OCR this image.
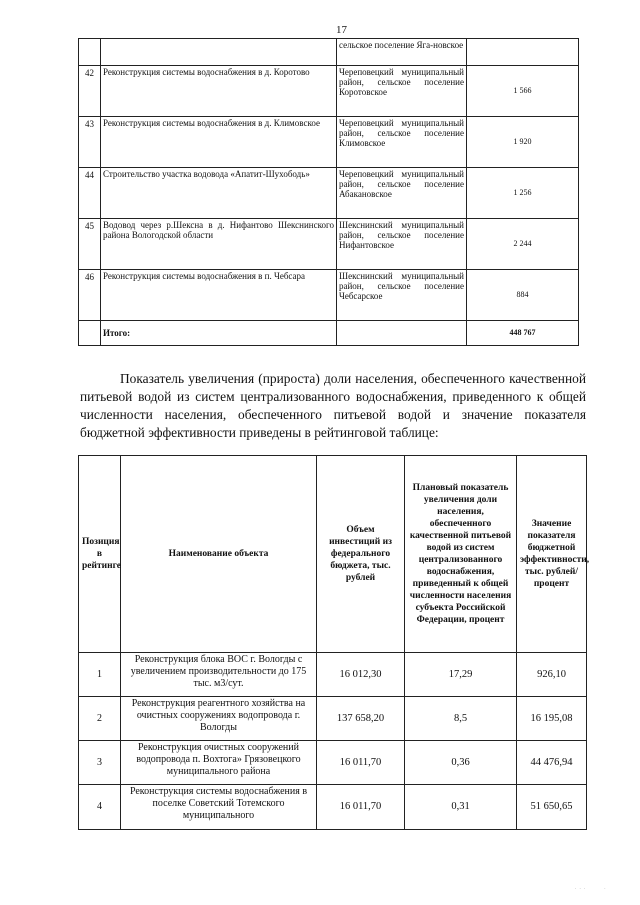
17
		сельское поселение Яга-новское	
42	Реконструкция системы водоснабжения в д. Коротово	Череповецкий муниципальный район, сельское поселение Коротовское	1 566
43	Реконструкция системы водоснабжения в д. Климовское	Череповецкий муниципальный район, сельское поселение Климовское	1 920
44	Строительство участка водовода «Апатит-Шухободь»	Череповецкий муниципальный район, сельское поселение Абакановское	1 256
45	Водовод через р.Шексна в д. Нифантово Шекснинского района Вологодской области	Шекснинский муниципальный район, сельское поселение Нифантовское	2 244
46	Реконструкция системы водоснабжения в п. Чебсара	Шекснинский муниципальный район, сельское поселение Чебсарское	884
	Итого:		448 767

Показатель увеличения (прироста) доли населения, обеспеченного качественной питьевой водой из систем централизованного водоснабжения, приведенного к общей численности населения, обеспеченного питьевой водой и значение показателя бюджетной эффективности приведены в рейтинговой таблице:

Позиция в рейтинге	Наименование объекта	Объем инвестиций из федерального бюджета, тыс. рублей	Плановый показатель увеличения доли населения, обеспеченного качественной питьевой водой из систем централизованного водоснабжения, приведенный к общей численности населения субъекта Российской Федерации, процент	Значение показателя бюджетной эффективности, тыс. рублей/процент
1	Реконструкция блока ВОС г. Вологды с увеличением производительности до 175 тыс. м3/сут.	16 012,30	17,29	926,10
2	Реконструкция реагентного хозяйства на очистных сооружениях водопровода г. Вологды	137 658,20	8,5	16 195,08
3	Реконструкция очистных сооружений водопровода п. Вохтога» Грязовецкого муниципального района	16 011,70	0,36	44 476,94
4	Реконструкция системы водоснабжения в поселке Советский Тотемского муниципального	16 011,70	0,31	51 650,65
. . .        .
